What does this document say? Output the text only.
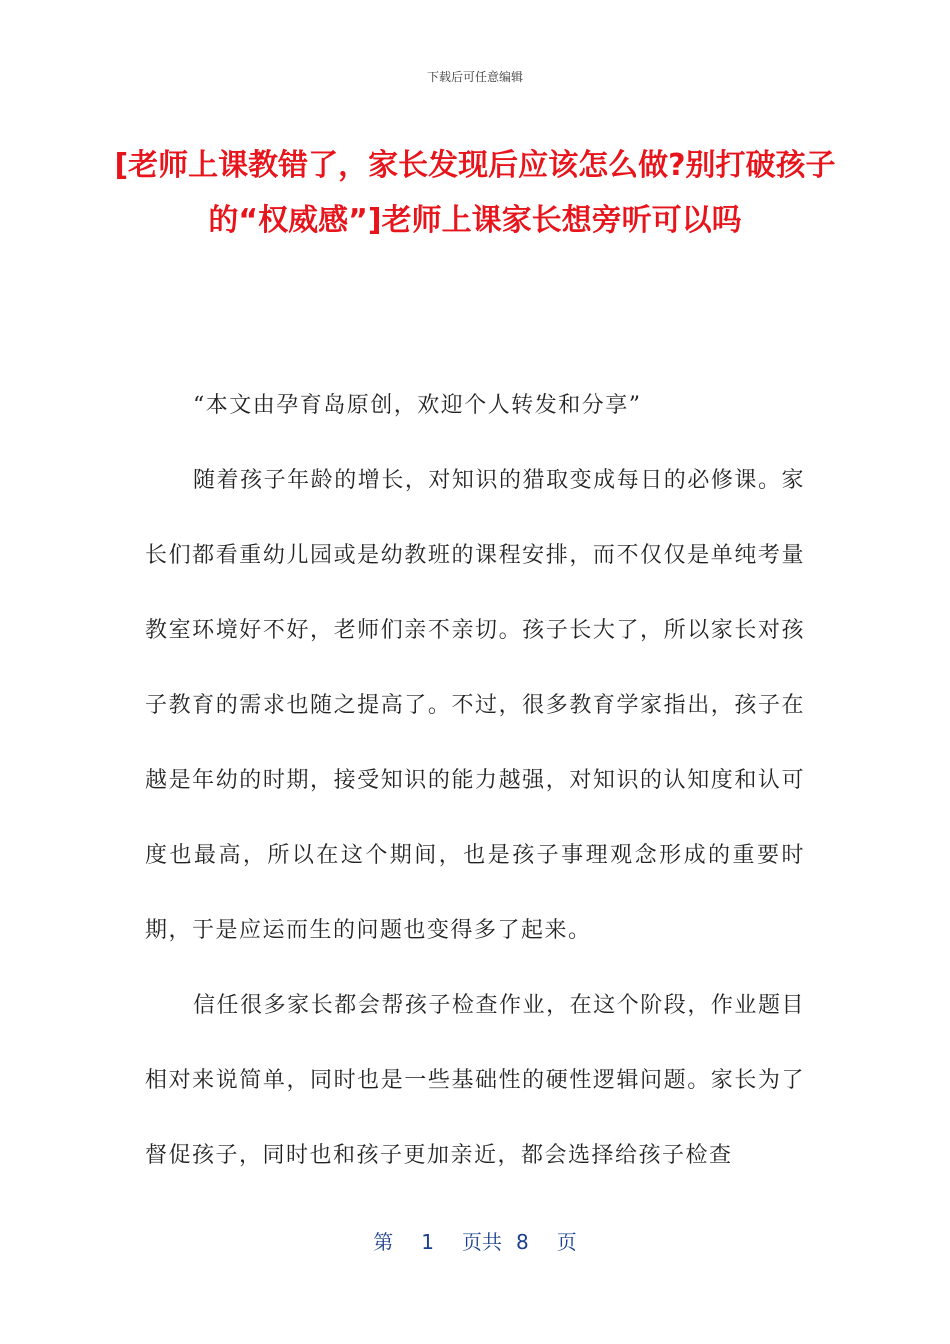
下载后可任意编辑
[老师上课教错了，家长发现后应该怎么做?别打破孩子的“权威感”]老师上课家长想旁听可以吗

“本文由孕育岛原创，欢迎个人转发和分享”

随着孩子年龄的增长，对知识的猎取变成每日的必修课。家长们都看重幼儿园或是幼教班的课程安排，而不仅仅是单纯考量教室环境好不好，老师们亲不亲切。孩子长大了，所以家长对孩子教育的需求也随之提高了。不过，很多教育学家指出，孩子在越是年幼的时期，接受知识的能力越强，对知识的认知度和认可度也最高，所以在这个期间，也是孩子事理观念形成的重要时期，于是应运而生的问题也变得多了起来。

信任很多家长都会帮孩子检查作业，在这个阶段，作业题目相对来说简单，同时也是一些基础性的硬性逻辑问题。家长为了督促孩子，同时也和孩子更加亲近，都会选择给孩子检查

第 1 页共 8 页
